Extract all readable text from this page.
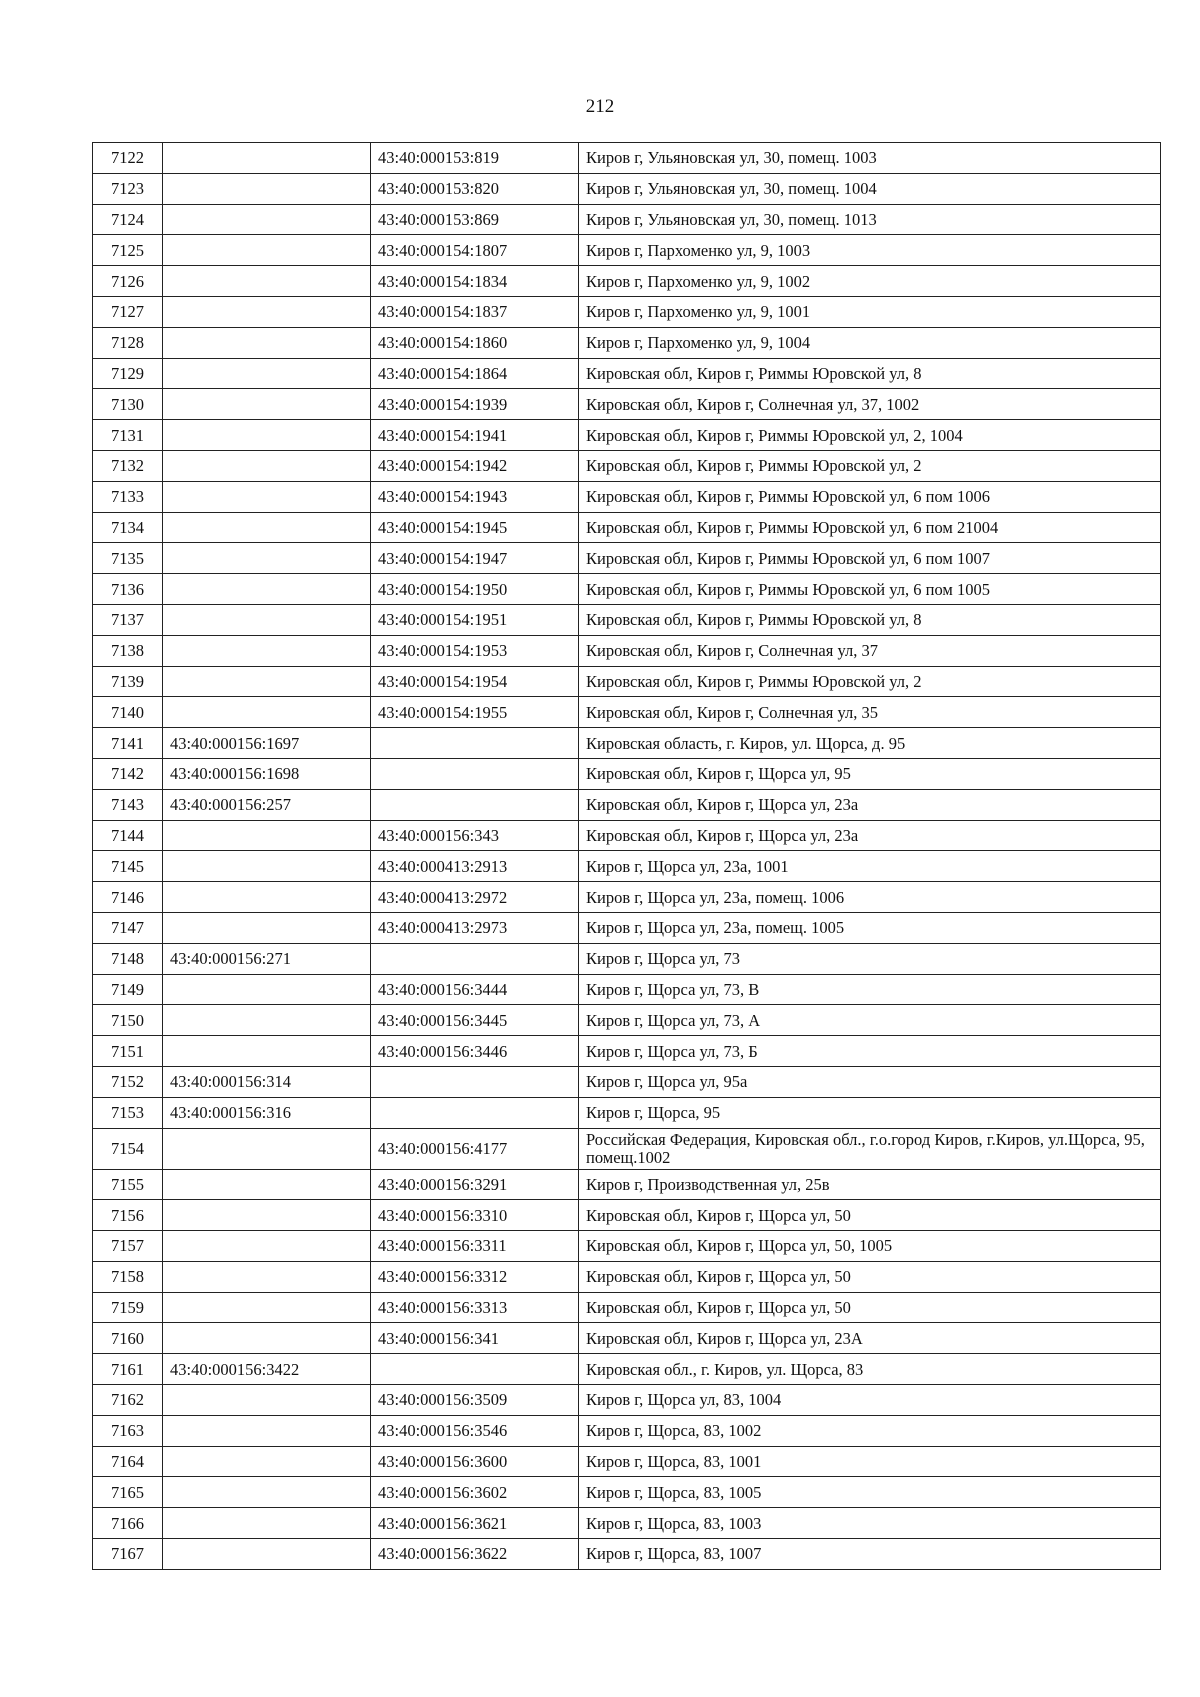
212
7122		43:40:000153:819	Киров г, Ульяновская ул, 30, помещ. 1003
7123		43:40:000153:820	Киров г, Ульяновская ул, 30, помещ. 1004
7124		43:40:000153:869	Киров г, Ульяновская ул, 30, помещ. 1013
7125		43:40:000154:1807	Киров г, Пархоменко ул, 9, 1003
7126		43:40:000154:1834	Киров г, Пархоменко ул, 9, 1002
7127		43:40:000154:1837	Киров г, Пархоменко ул, 9, 1001
7128		43:40:000154:1860	Киров г, Пархоменко ул, 9, 1004
7129		43:40:000154:1864	Кировская обл, Киров г, Риммы Юровской ул, 8
7130		43:40:000154:1939	Кировская обл, Киров г, Солнечная ул, 37, 1002
7131		43:40:000154:1941	Кировская обл, Киров г, Риммы Юровской ул, 2, 1004
7132		43:40:000154:1942	Кировская обл, Киров г, Риммы Юровской ул, 2
7133		43:40:000154:1943	Кировская обл, Киров г, Риммы Юровской ул, 6 пом 1006
7134		43:40:000154:1945	Кировская обл, Киров г, Риммы Юровской ул, 6 пом 21004
7135		43:40:000154:1947	Кировская обл, Киров г, Риммы Юровской ул, 6 пом 1007
7136		43:40:000154:1950	Кировская обл, Киров г, Риммы Юровской ул, 6 пом 1005
7137		43:40:000154:1951	Кировская обл, Киров г, Риммы Юровской ул, 8
7138		43:40:000154:1953	Кировская обл, Киров г, Солнечная ул, 37
7139		43:40:000154:1954	Кировская обл, Киров г, Риммы Юровской ул, 2
7140		43:40:000154:1955	Кировская обл, Киров г, Солнечная ул, 35
7141	43:40:000156:1697		Кировская область, г. Киров, ул. Щорса, д. 95
7142	43:40:000156:1698		Кировская обл, Киров г, Щорса ул, 95
7143	43:40:000156:257		Кировская обл, Киров г, Щорса ул, 23а
7144		43:40:000156:343	Кировская обл, Киров г, Щорса ул, 23а
7145		43:40:000413:2913	Киров г, Щорса ул, 23а, 1001
7146		43:40:000413:2972	Киров г, Щорса ул, 23а, помещ. 1006
7147		43:40:000413:2973	Киров г, Щорса ул, 23а, помещ. 1005
7148	43:40:000156:271		Киров г, Щорса ул, 73
7149		43:40:000156:3444	Киров г, Щорса ул, 73, В
7150		43:40:000156:3445	Киров г, Щорса ул, 73, А
7151		43:40:000156:3446	Киров г, Щорса ул, 73, Б
7152	43:40:000156:314		Киров г, Щорса ул, 95а
7153	43:40:000156:316		Киров г, Щорса, 95
7154		43:40:000156:4177	Российская Федерация, Кировская обл., г.о.город Киров, г.Киров, ул.Щорса, 95, помещ.1002
7155		43:40:000156:3291	Киров г, Производственная ул, 25в
7156		43:40:000156:3310	Кировская обл, Киров г, Щорса ул, 50
7157		43:40:000156:3311	Кировская обл, Киров г, Щорса ул, 50, 1005
7158		43:40:000156:3312	Кировская обл, Киров г, Щорса ул, 50
7159		43:40:000156:3313	Кировская обл, Киров г, Щорса ул, 50
7160		43:40:000156:341	Кировская обл, Киров г, Щорса ул, 23А
7161	43:40:000156:3422		Кировская обл., г. Киров, ул. Щорса, 83
7162		43:40:000156:3509	Киров г, Щорса ул, 83, 1004
7163		43:40:000156:3546	Киров г, Щорса, 83, 1002
7164		43:40:000156:3600	Киров г, Щорса, 83, 1001
7165		43:40:000156:3602	Киров г, Щорса, 83, 1005
7166		43:40:000156:3621	Киров г, Щорса, 83, 1003
7167		43:40:000156:3622	Киров г, Щорса, 83, 1007
